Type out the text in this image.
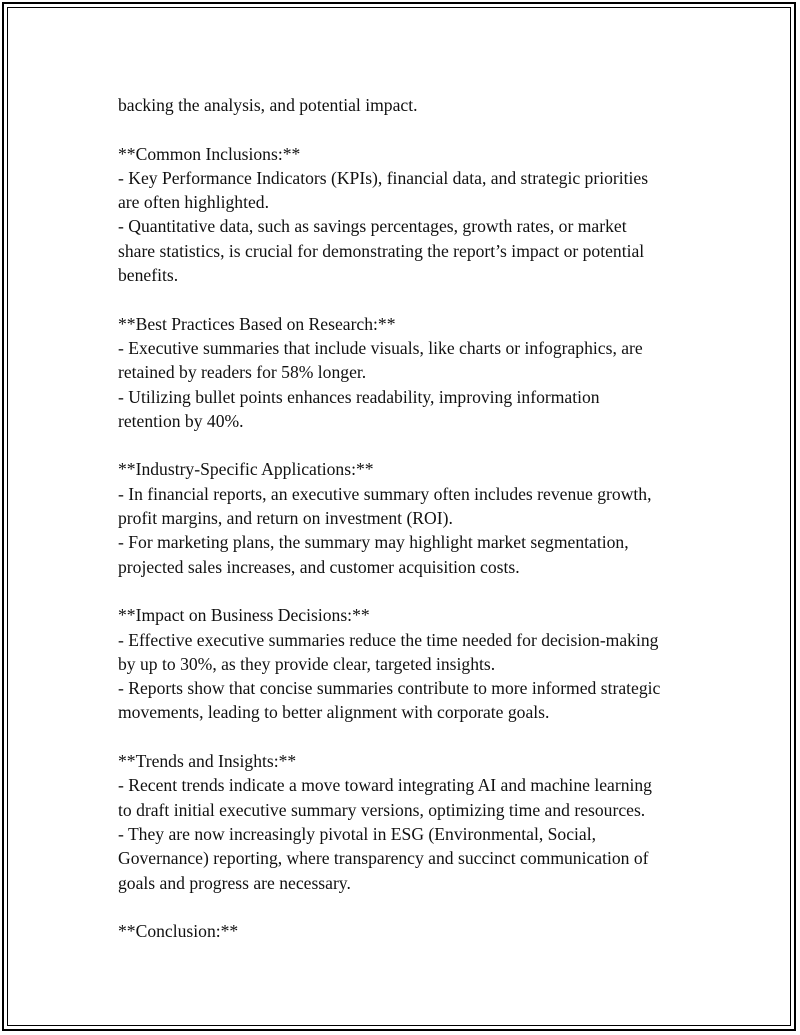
backing the analysis, and potential impact.
**Common Inclusions:**
- Key Performance Indicators (KPIs), financial data, and strategic priorities
are often highlighted.
- Quantitative data, such as savings percentages, growth rates, or market
share statistics, is crucial for demonstrating the report’s impact or potential
benefits.
**Best Practices Based on Research:**
- Executive summaries that include visuals, like charts or infographics, are
retained by readers for 58% longer.
- Utilizing bullet points enhances readability, improving information
retention by 40%.
**Industry-Specific Applications:**
- In financial reports, an executive summary often includes revenue growth,
profit margins, and return on investment (ROI).
- For marketing plans, the summary may highlight market segmentation,
projected sales increases, and customer acquisition costs.
**Impact on Business Decisions:**
- Effective executive summaries reduce the time needed for decision-making
by up to 30%, as they provide clear, targeted insights.
- Reports show that concise summaries contribute to more informed strategic
movements, leading to better alignment with corporate goals.
**Trends and Insights:**
- Recent trends indicate a move toward integrating AI and machine learning
to draft initial executive summary versions, optimizing time and resources.
- They are now increasingly pivotal in ESG (Environmental, Social,
Governance) reporting, where transparency and succinct communication of
goals and progress are necessary.
**Conclusion:**
